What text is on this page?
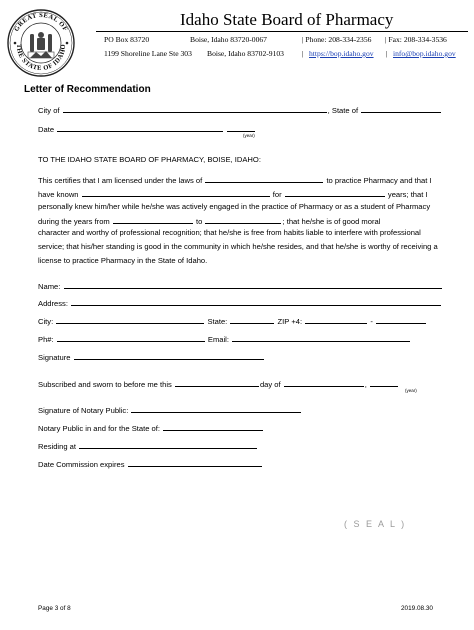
GREAT SEAL OF
THE STATE OF IDAHO
Idaho State Board of Pharmacy
PO Box 83720	Boise, Idaho 83720-0067	| Phone: 208-334-2356 | Fax: 208-334-3536
1199 Shoreline Lane Ste 303 Boise, Idaho 83702-9103 | https://bop.idaho.gov | info@bop.idaho.gov
Letter of Recommendation
City of	, State of
Date
(year)
TO THE IDAHO STATE BOARD OF PHARMACY, BOISE, IDAHO:
This certifies that I am licensed under the laws of	to practice Pharmacy and that I
have known	for	years; that I
personally knew him/her while he/she was actively engaged in the practice of Pharmacy or as a student of Pharmacy
during the years from	to	; that he/she is of good moral
character and worthy of professional recognition; that he/she is free from habits liable to interfere with professional
service; that his/her standing is good in the community in which he/she resides, and that he/she is worthy of receiving a
license to practice Pharmacy in the State of Idaho.
Name:
Address:
City:	State:	ZIP +4:	-
Ph#:	Email:
Signature
Subscribed and sworn to before me this	day of	,
(year)
Signature of Notary Public:
Notary Public in and for the State of:
Residing at
Date Commission expires
( S E A L )
Page 3 of 8	2019.08.30
